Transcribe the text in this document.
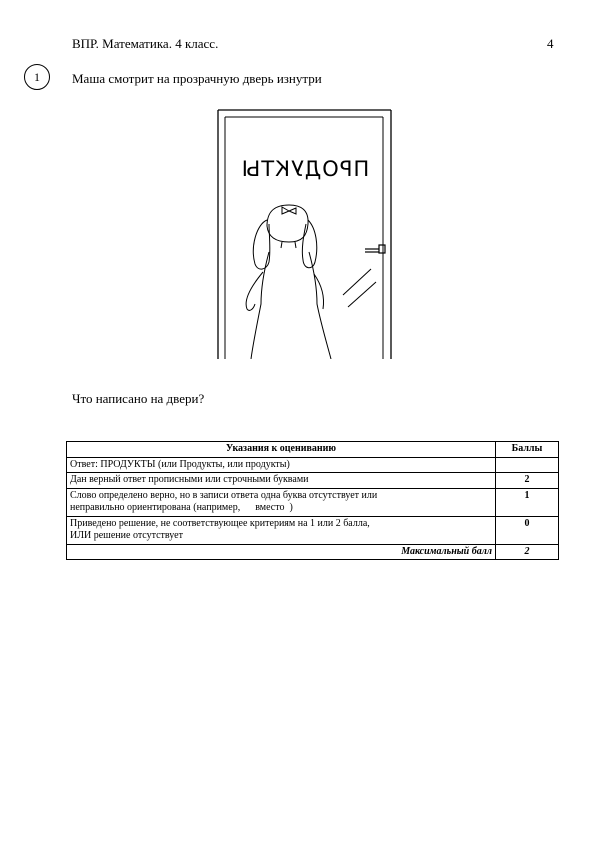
ВПР. Математика. 4 класс.	4
1 Маша смотрит на прозрачную дверь изнутри
ПРОДУКТЫ
Что написано на двери?
Указания к оцениванию	Баллы
Ответ: ПРОДУКТЫ (или Продукты, или продукты)	
Дан верный ответ прописными или строчными буквами	2
Слово определено верно, но в записи ответа одна буква отсутствует или
неправильно ориентирована (например,      вместо  )	1
Приведено решение, не соответствующее критериям на 1 или 2 балла,
ИЛИ решение отсутствует	0
Максимальный балл	2
